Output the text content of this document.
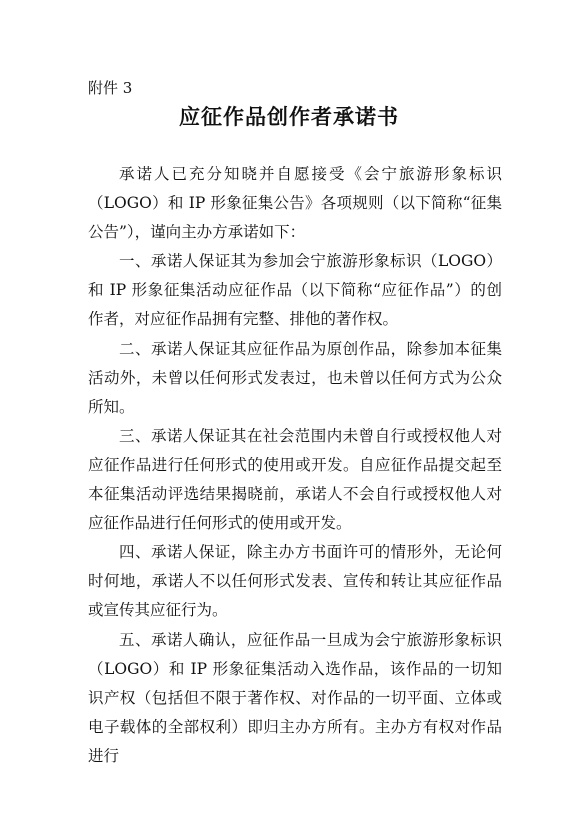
附件 3
应征作品创作者承诺书

承诺人已充分知晓并自愿接受《会宁旅游形象标识（LOGO）和 IP 形象征集公告》各项规则（以下简称“征集公告”），谨向主办方承诺如下：

一、承诺人保证其为参加会宁旅游形象标识（LOGO）和 IP 形象征集活动应征作品（以下简称“应征作品”）的创作者，对应征作品拥有完整、排他的著作权。

二、承诺人保证其应征作品为原创作品，除参加本征集活动外，未曾以任何形式发表过，也未曾以任何方式为公众所知。

三、承诺人保证其在社会范围内未曾自行或授权他人对应征作品进行任何形式的使用或开发。自应征作品提交起至本征集活动评选结果揭晓前，承诺人不会自行或授权他人对应征作品进行任何形式的使用或开发。

四、承诺人保证，除主办方书面许可的情形外，无论何时何地，承诺人不以任何形式发表、宣传和转让其应征作品或宣传其应征行为。

五、承诺人确认，应征作品一旦成为会宁旅游形象标识（LOGO）和 IP 形象征集活动入选作品，该作品的一切知识产权（包括但不限于著作权、对作品的一切平面、立体或电子载体的全部权利）即归主办方所有。主办方有权对作品进行
